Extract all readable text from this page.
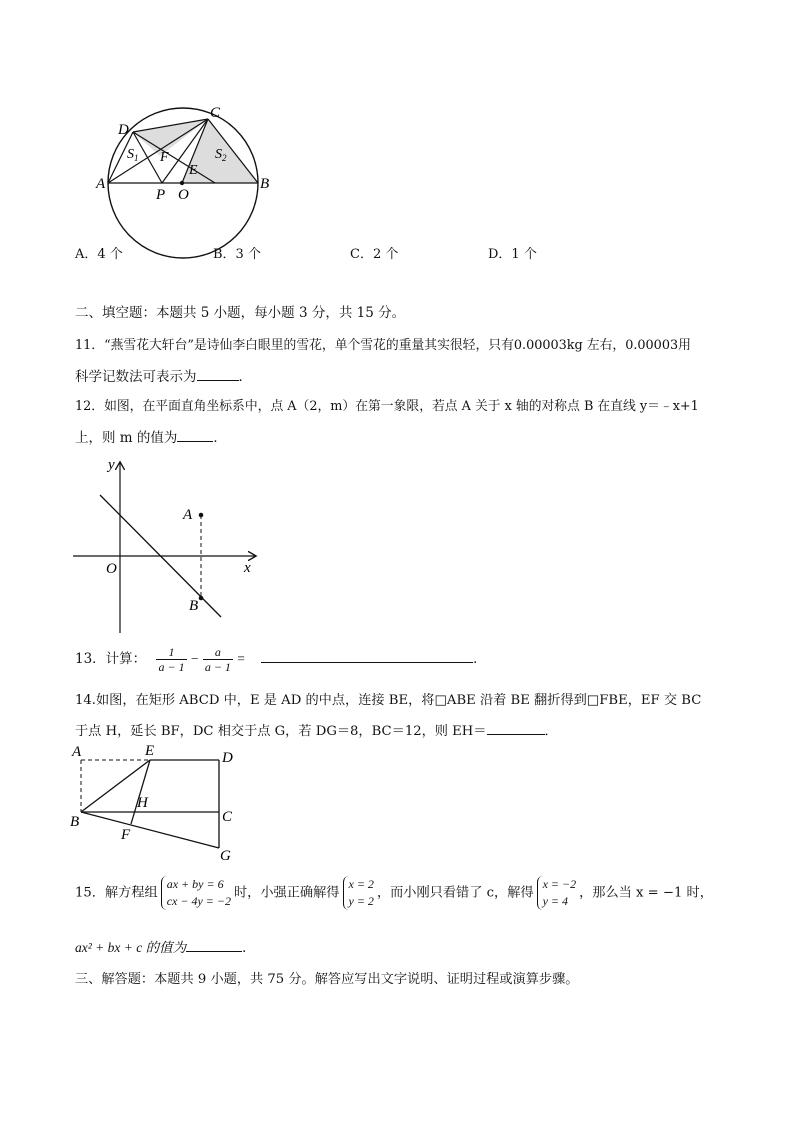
C
D
$S_1$ F	$S_2$
E
A	B
P O
A．4 个	B．3 个	C．2 个	D．1 个
二、填空题：本题共 5 小题，每小题 3 分，共 15 分。
11．“燕雪花大轩台”是诗仙李白眼里的雪花，单个雪花的重量其实很轻，只有0.00003kg 左右，0.00003用
科学记数法可表示为	．
12．如图，在平面直角坐标系中，点 A（2，m）在第一象限，若点 A 关于 x 轴的对称点 B 在直线 y＝﹣x+1
上，则 m 的值为	．
y
x
O
A
B
13．计算： $\frac{1}{a - 1} - \frac{a}{a - 1}$ =	．
14.如图，在矩形 ABCD 中，E 是 AD 的中点，连接 BE，将□ABE 沿着 BE 翻折得到□FBE，EF 交 BC
于点 H，延长 BF，DC 相交于点 G，若 DG＝8，BC＝12，则 EH＝	．
A	E	D
H
B	C
F
G
15．解方程组
ax + by = 6
cx − 4y = −2
时，小强正确解得
x = 2
y = 2
，而小刚只看错了 c，解得
x = −2
y = 4
，那么当 x = −1 时，
ax² + bx + c 的值为	．
三、解答题：本题共 9 小题，共 75 分。解答应写出文字说明、证明过程或演算步骤。
